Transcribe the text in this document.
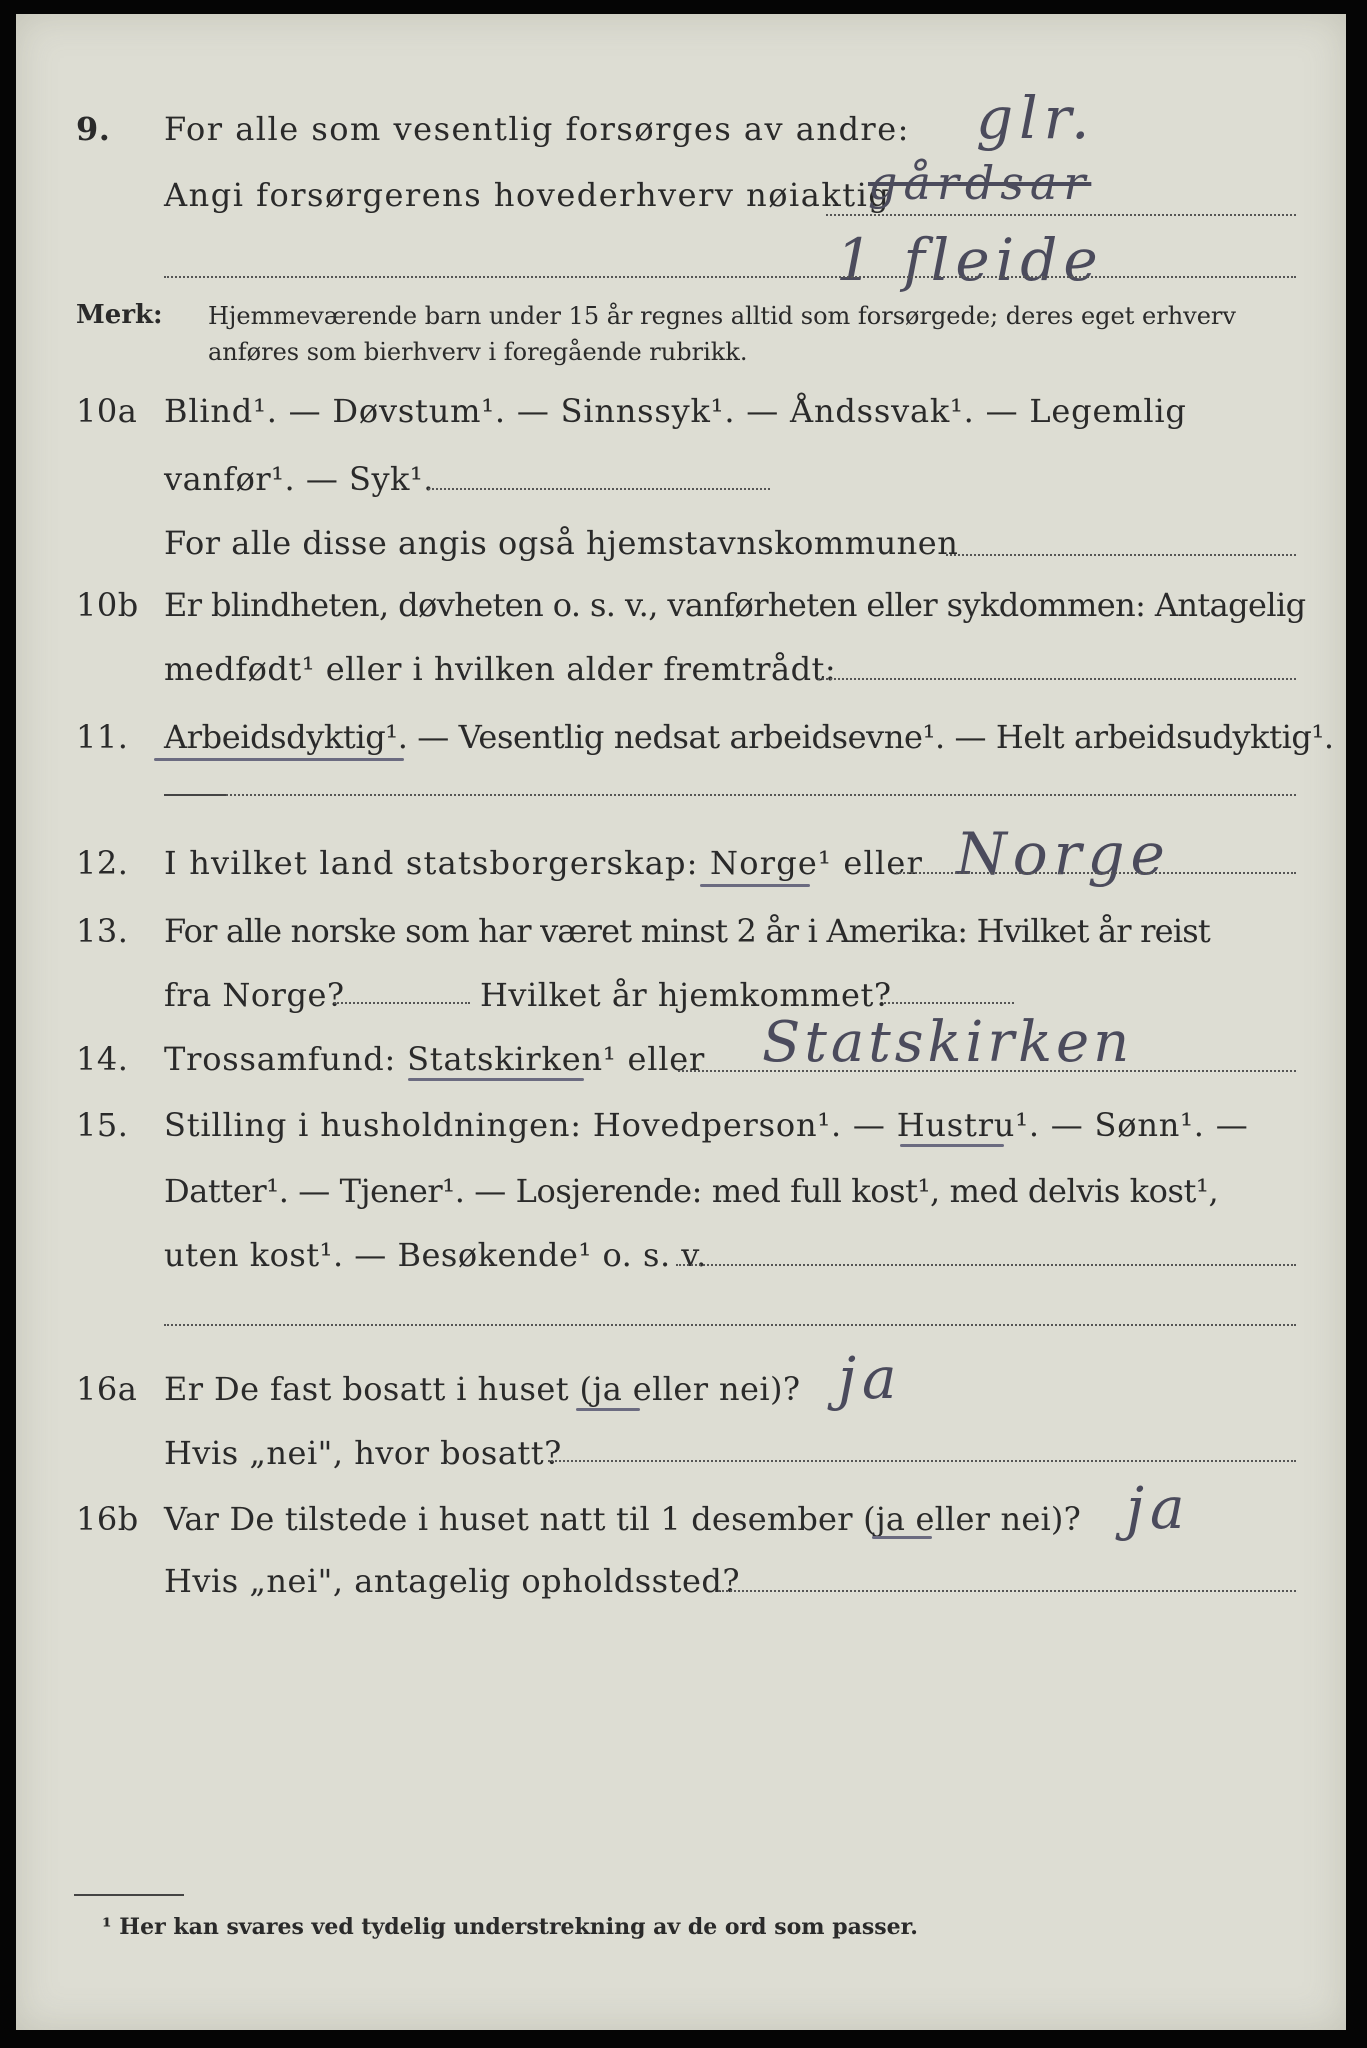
9. For alle som vesentlig forsørges av andre: glr.
Angi forsørgerens hovederhverv nøiaktig
gårdsar
1 fleide
Merk: Hjemmeværende barn under 15 år regnes alltid som forsørgede; deres eget erhverv
anføres som bierhverv i foregående rubrikk.
10a Blind¹. — Døvstum¹. — Sinnssyk¹. — Åndssvak¹. — Legemlig
vanfør¹. — Syk¹.
For alle disse angis også hjemstavnskommunen
10b Er blindheten, døvheten o. s. v., vanførheten eller sykdommen: Antagelig
medfødt¹ eller i hvilken alder fremtrådt:
11. Arbeidsdyktig¹. — Vesentlig nedsat arbeidsevne¹. — Helt arbeidsudyktig¹.
12. I hvilket land statsborgerskap: Norge¹ eller Norge
13. For alle norske som har været minst 2 år i Amerika: Hvilket år reist
fra Norge?	Hvilket år hjemkommet?
14. Trossamfund: Statskirken¹ eller Statskirken
15. Stilling i husholdningen: Hovedperson¹. — Hustru¹. — Sønn¹. —
Datter¹. — Tjener¹. — Losjerende: med full kost¹, med delvis kost¹,
uten kost¹. — Besøkende¹ o. s. v.
16a Er De fast bosatt i huset (ja eller nei)? ja
Hvis „nei", hvor bosatt?
16b Var De tilstede i huset natt til 1 desember (ja eller nei)? ja
Hvis „nei", antagelig opholdssted?
¹ Her kan svares ved tydelig understrekning av de ord som passer.
